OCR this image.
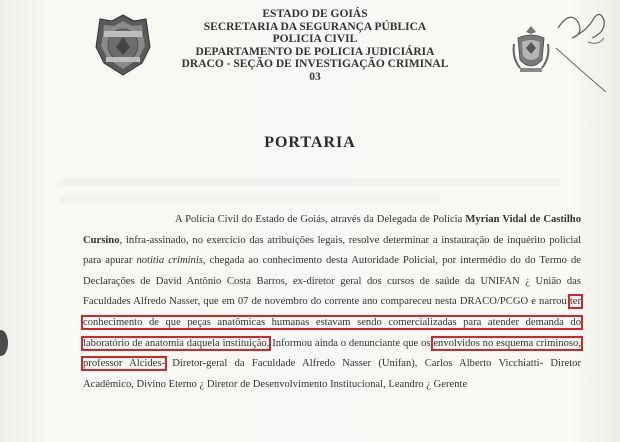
ESTADO DE GOIÁS
SECRETARIA DA SEGURANÇA PÚBLICA
POLICIA CIVIL
DEPARTAMENTO DE POLICIA JUDICIÁRIA
DRACO - SEÇÃO DE INVESTIGAÇÃO CRIMINAL
03
PORTARIA

A Polícia Civil do Estado de Goiás, através da Delegada de Polícia Myrian Vidal de Castilho Cursino, infra-assinado, no exercício das atribuições legais, resolve determinar a instauração de inquérito policial para apurar notitia criminis, chegada ao conhecimento desta Autoridade Policial, por intermédio do do Termo de Declarações de David Antônio Costa Barros, ex-diretor geral dos cursos de saúde da UNIFAN ¿ União das Faculdades Alfredo Nasser, que em 07 de novembro do corrente ano compareceu nesta DRACO/PCGO e narrou ter conhecimento de que peças anatômicas humanas estavam sendo comercializadas para atender demanda do laboratório de anatomia daquela instituição. Informou ainda o denunciante que os envolvidos no esquema criminoso, professor Alcides- Diretor-geral da Faculdade Alfredo Nasser (Unifan), Carlos Alberto Vicchiatti- Diretor Acadêmico, Divino Eterno ¿ Diretor de Desenvolvimento Institucional, Leandro ¿ Gerente
